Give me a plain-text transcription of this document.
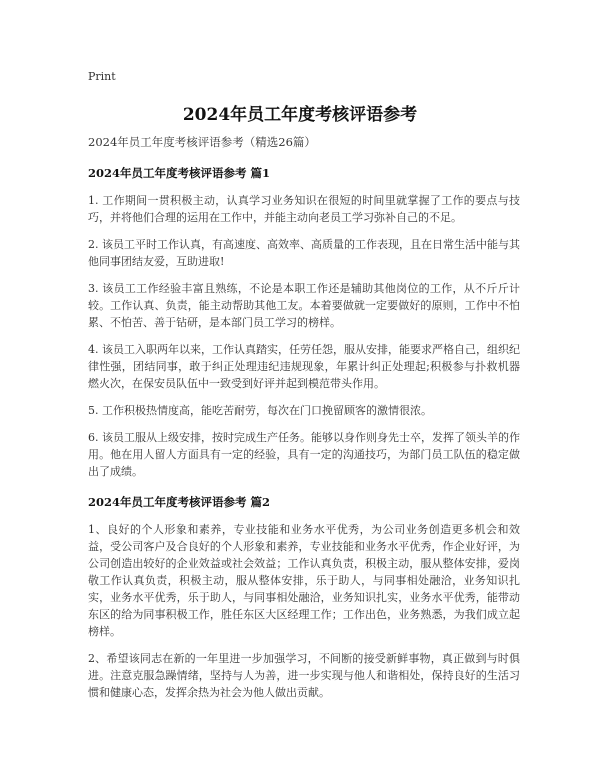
Print
2024年员工年度考核评语参考

2024年员工年度考核评语参考（精选26篇）

2024年员工年度考核评语参考 篇1

1. 工作期间一贯积极主动，认真学习业务知识在很短的时间里就掌握了工作的要点与技巧，并将他们合理的运用在工作中，并能主动向老员工学习弥补自己的不足。

2. 该员工平时工作认真，有高速度、高效率、高质量的工作表现，且在日常生活中能与其他同事团结友爱，互助进取!

3. 该员工工作经验丰富且熟练，不论是本职工作还是辅助其他岗位的工作，从不斤斤计较。工作认真、负责，能主动帮助其他工友。本着要做就一定要做好的原则，工作中不怕累、不怕苦、善于钻研，是本部门员工学习的榜样。

4. 该员工入职两年以来，工作认真踏实，任劳任怨，服从安排，能要求严格自己，组织纪律性强，团结同事，敢于纠正处理违纪违规现象，年累计纠正处理起;积极参与扑救机器燃火次，在保安员队伍中一致受到好评并起到模范带头作用。

5. 工作积极热情度高，能吃苦耐劳，每次在门口挽留顾客的激情很浓。

6. 该员工服从上级安排，按时完成生产任务。能够以身作则身先士卒，发挥了领头羊的作用。他在用人留人方面具有一定的经验，具有一定的沟通技巧，为部门员工队伍的稳定做出了成绩。

2024年员工年度考核评语参考 篇2

1、良好的个人形象和素养，专业技能和业务水平优秀，为公司业务创造更多机会和效益，受公司客户及合良好的个人形象和素养，专业技能和业务水平优秀，作企业好评，为公司创造出较好的企业效益或社会效益；工作认真负责，积极主动，服从整体安排，爱岗敬工作认真负责，积极主动，服从整体安排，乐于助人，与同事相处融洽，业务知识扎实，业务水平优秀，乐于助人，与同事相处融洽，业务知识扎实，业务水平优秀，能带动东区的给为同事积极工作，胜任东区大区经理工作；工作出色，业务熟悉，为我们成立起榜样。

2、希望该同志在新的一年里进一步加强学习，不间断的接受新鲜事物，真正做到与时俱进。注意克服急躁情绪，坚持与人为善，进一步实现与他人和谐相处，保持良好的生活习惯和健康心态，发挥余热为社会为他人做出贡献。
